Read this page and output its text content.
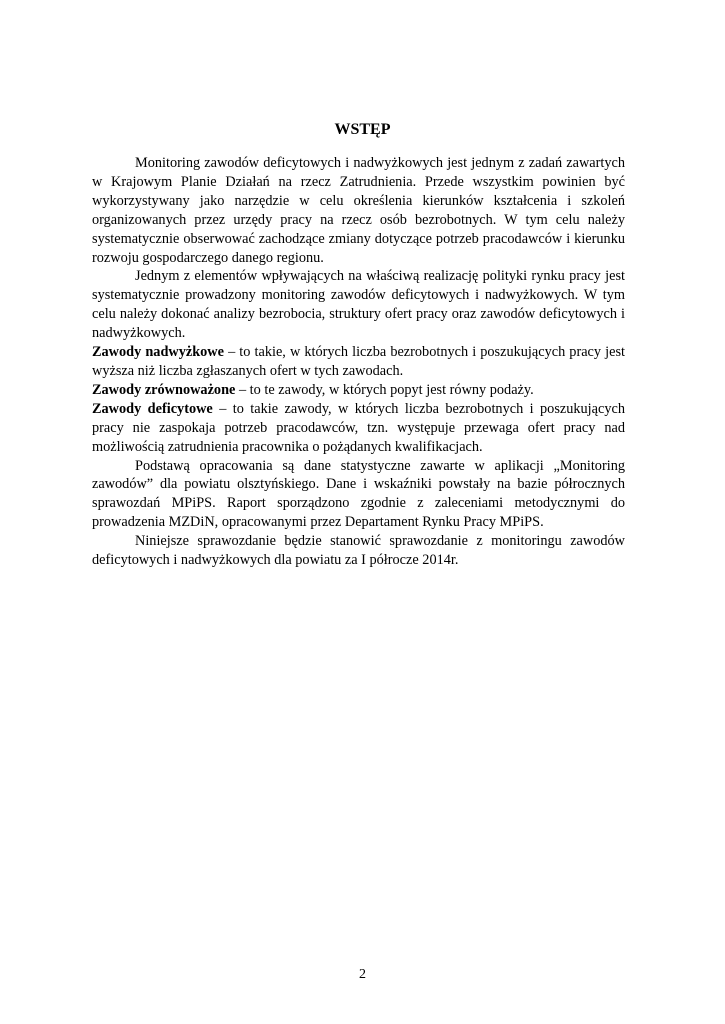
WSTĘP

Monitoring zawodów deficytowych i nadwyżkowych jest jednym z zadań zawartych w Krajowym Planie Działań na rzecz Zatrudnienia. Przede wszystkim powinien być wykorzystywany jako narzędzie w celu określenia kierunków kształcenia i szkoleń organizowanych przez urzędy pracy na rzecz osób bezrobotnych. W tym celu należy systematycznie obserwować zachodzące zmiany dotyczące potrzeb pracodawców i kierunku rozwoju gospodarczego danego regionu.

Jednym z elementów wpływających na właściwą realizację polityki rynku pracy jest systematycznie prowadzony monitoring zawodów deficytowych i nadwyżkowych. W tym celu należy dokonać analizy bezrobocia, struktury ofert pracy oraz zawodów deficytowych i nadwyżkowych.

Zawody nadwyżkowe – to takie, w których liczba bezrobotnych i poszukujących pracy jest wyższa niż liczba zgłaszanych ofert w tych zawodach.

Zawody zrównoważone – to te zawody, w których popyt jest równy podaży.

Zawody deficytowe – to takie zawody, w których liczba bezrobotnych i poszukujących pracy nie zaspokaja potrzeb pracodawców, tzn. występuje przewaga ofert pracy nad możliwością zatrudnienia pracownika o pożądanych kwalifikacjach.

Podstawą opracowania są dane statystyczne zawarte w aplikacji „Monitoring zawodów” dla powiatu olsztyńskiego. Dane i wskaźniki powstały na bazie półrocznych sprawozdań MPiPS. Raport sporządzono zgodnie z zaleceniami metodycznymi do prowadzenia MZDiN, opracowanymi przez Departament Rynku Pracy MPiPS.

Niniejsze sprawozdanie będzie stanowić sprawozdanie z monitoringu zawodów deficytowych i nadwyżkowych dla powiatu za I półrocze 2014r.

2
